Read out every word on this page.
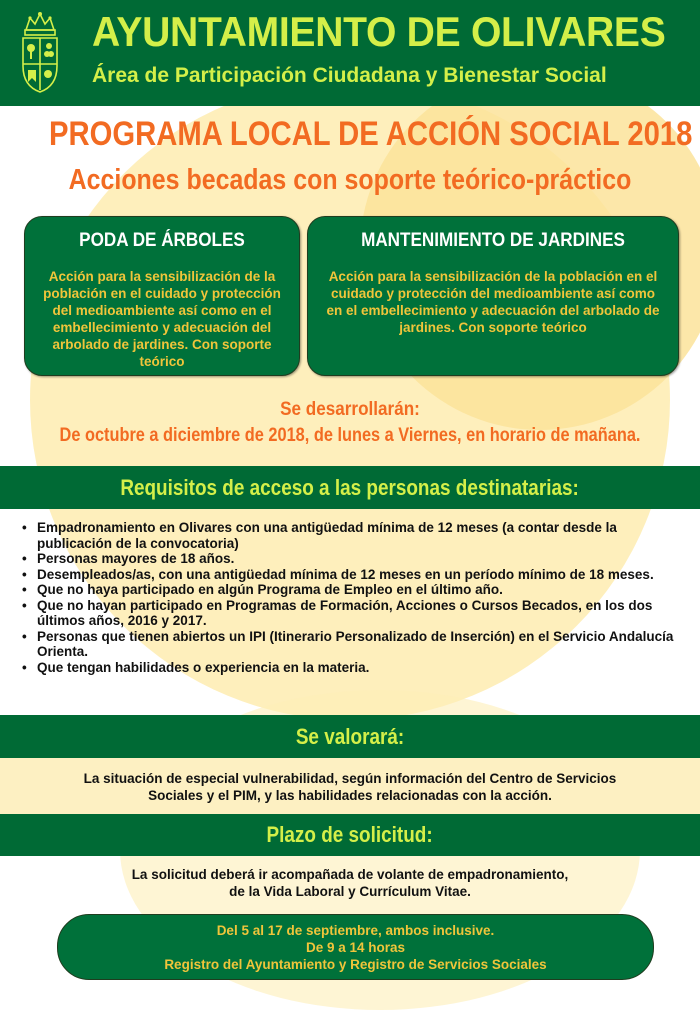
AYUNTAMIENTO DE OLIVARES
Área de Participación Ciudadana y Bienestar Social
PROGRAMA LOCAL DE ACCIÓN SOCIAL 2018
Acciones becadas con soporte teórico-práctico
PODA DE ÁRBOLES
Acción para la sensibilización de la población en el cuidado y protección del medioambiente así como en el embellecimiento y adecuación del arbolado de jardines. Con soporte teórico
MANTENIMIENTO DE JARDINES
Acción para la sensibilización de la población en el cuidado y protección del medioambiente así como en el embellecimiento y adecuación del arbolado de jardines. Con soporte teórico
Se desarrollarán:
De octubre a diciembre de 2018, de lunes a Viernes, en horario de mañana.
Requisitos de acceso a las personas destinatarias:
• Empadronamiento en Olivares con una antigüedad mínima de 12 meses (a contar desde la publicación de la convocatoria)
• Personas mayores de 18 años.
• Desempleados/as, con una antigüedad mínima de 12 meses en un período mínimo de 18 meses.
• Que no haya participado en algún Programa de Empleo en el último año.
• Que no hayan participado en Programas de Formación, Acciones o Cursos Becados, en los dos últimos años, 2016 y 2017.
• Personas que tienen abiertos un IPI (Itinerario Personalizado de Inserción) en el Servicio Andalucía Orienta.
• Que tengan habilidades o experiencia en la materia.
Se valorará:
La situación de especial vulnerabilidad, según información del Centro de Servicios
Sociales y el PIM, y las habilidades relacionadas con la acción.
Plazo de solicitud:
La solicitud deberá ir acompañada de volante de empadronamiento,
de la Vida Laboral y Currículum Vitae.
Del 5 al 17 de septiembre, ambos inclusive.
De 9 a 14 horas
Registro del Ayuntamiento y Registro de Servicios Sociales
